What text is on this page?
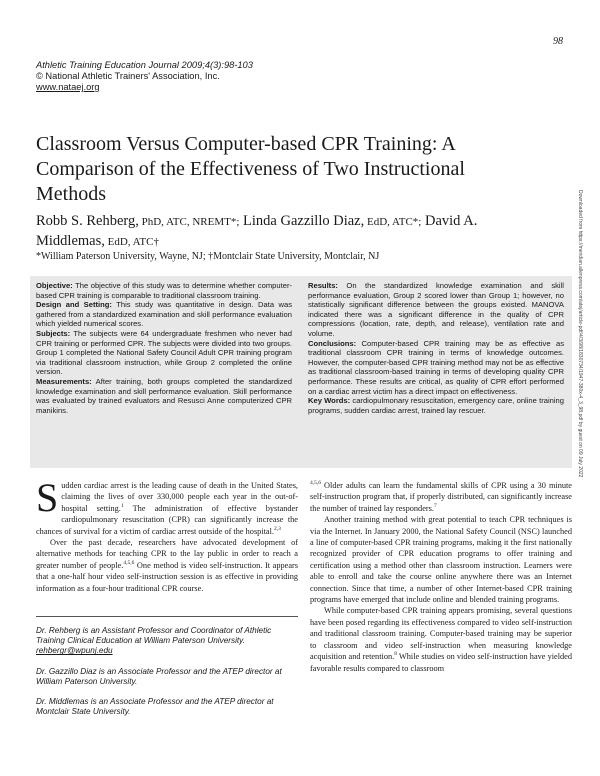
98
Athletic Training Education Journal 2009;4(3):98-103
© National Athletic Trainers' Association, Inc.
www.nataej.org
Classroom Versus Computer-based CPR Training: A Comparison of the Effectiveness of Two Instructional Methods
Robb S. Rehberg, PhD, ATC, NREMT*; Linda Gazzillo Diaz, EdD, ATC*; David A. Middlemas, EdD, ATC†
*William Paterson University, Wayne, NJ; †Montclair State University, Montclair, NJ	Downloaded from https://meridian.allenpress.com/atej/article-pdf/4/3/98/1830734/1947-380x-4_3_98.pdf by guest on 09 July 2022

Objective: The objective of this study was to determine whether computer-based CPR training is comparable to traditional classroom training.

Design and Setting: This study was quantitative in design. Data was gathered from a standardized examination and skill performance evaluation which yielded numerical scores.

Subjects: The subjects were 64 undergraduate freshmen who never had CPR training or performed CPR. The subjects were divided into two groups. Group 1 completed the National Safety Council Adult CPR training program via traditional classroom instruction, while Group 2 completed the online version.

Measurements: After training, both groups completed the standardized knowledge examination and skill performance evaluation. Skill performance was evaluated by trained evaluators and Resusci Anne computerized CPR manikins.

Results: On the standardized knowledge examination and skill performance evaluation, Group 2 scored lower than Group 1; however, no statistically significant difference between the groups existed. MANOVA indicated there was a significant difference in the quality of CPR compressions (location, rate, depth, and release), ventilation rate and volume.

Conclusions: Computer-based CPR training may be as effective as traditional classroom CPR training in terms of knowledge outcomes. However, the computer-based CPR training method may not be as effective as traditional classroom-based training in terms of developing quality CPR performance. These results are critical, as quality of CPR effort performed on a cardiac arrest victim has a direct impact on effectiveness.

Key Words: cardiopulmonary resuscitation, emergency care, online training programs, sudden cardiac arrest, trained lay rescuer.

Sudden cardiac arrest is the leading cause of death in the United States, claiming the lives of over 330,000 people each year in the out-of-hospital setting.$^1$ The administration of effective bystander cardiopulmonary resuscitation (CPR) can significantly increase the chances of survival for a victim of cardiac arrest outside of the hospital.$^{2,3}$

Over the past decade, researchers have advocated development of alternative methods for teaching CPR to the lay public in order to reach a greater number of people.$^{4,5,6}$ One method is video self-instruction. It appears that a one-half hour video self-instruction session is as effective in providing information as a four-hour traditional CPR course.

$^{4,5,6}$ Older adults can learn the fundamental skills of CPR using a 30 minute self-instruction program that, if properly distributed, can significantly increase the number of trained lay responders.$^7$

Another training method with great potential to teach CPR techniques is via the Internet. In January 2000, the National Safety Council (NSC) launched a line of computer-based CPR training programs, making it the first nationally recognized provider of CPR education programs to offer training and certification using a method other than classroom instruction. Learners were able to enroll and take the course online anywhere there was an Internet connection. Since that time, a number of other Internet-based CPR training programs have emerged that include online and blended training programs.

While computer-based CPR training appears promising, several questions have been posed regarding its effectiveness compared to video self-instruction and traditional classroom training. Computer-based training may be superior to classroom and video self-instruction when measuring knowledge acquisition and retention.$^8$ While studies on video self-instruction have yielded favorable results compared to classroom

Dr. Rehberg is an Assistant Professor and Coordinator of Athletic Training Clinical Education at William Paterson University.
rehbergr@wpunj.edu

Dr. Gazzillo Diaz is an Associate Professor and the ATEP director at William Paterson University.

Dr. Middlemas is an Associate Professor and the ATEP director at Montclair State University.
